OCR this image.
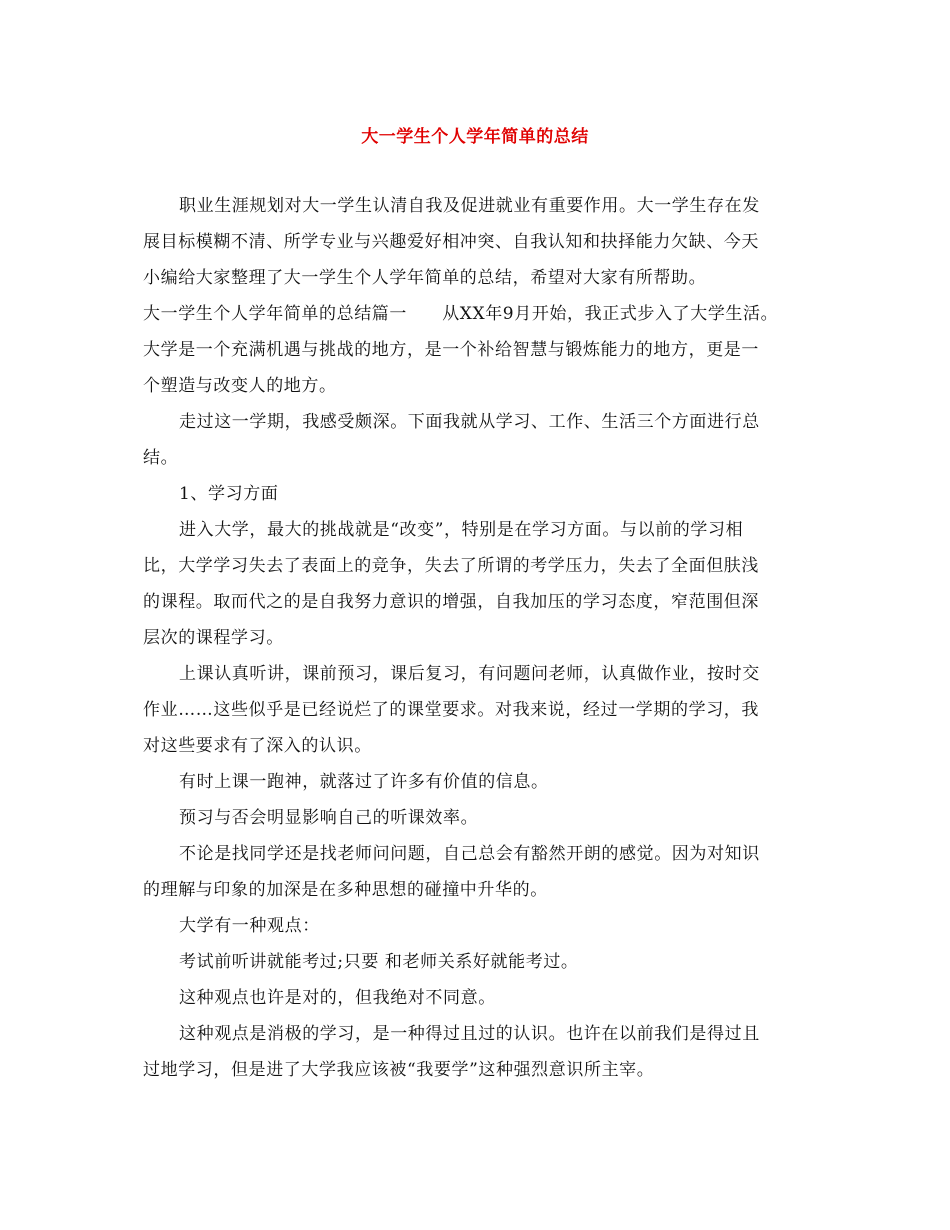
大一学生个人学年简单的总结

职业生涯规划对大一学生认清自我及促进就业有重要作用。大一学生存在发

展目标模糊不清、所学专业与兴趣爱好相冲突、自我认知和抉择能力欠缺、今天

小编给大家整理了大一学生个人学年简单的总结，希望对大家有所帮助。

大一学生个人学年简单的总结篇一　　从XX年9月开始，我正式步入了大学生活。

大学是一个充满机遇与挑战的地方，是一个补给智慧与锻炼能力的地方，更是一

个塑造与改变人的地方。

走过这一学期，我感受颇深。下面我就从学习、工作、生活三个方面进行总

结。

1、学习方面

进入大学，最大的挑战就是“改变”，特别是在学习方面。与以前的学习相

比，大学学习失去了表面上的竞争，失去了所谓的考学压力，失去了全面但肤浅

的课程。取而代之的是自我努力意识的增强，自我加压的学习态度，窄范围但深

层次的课程学习。

上课认真听讲，课前预习，课后复习，有问题问老师，认真做作业，按时交

作业……这些似乎是已经说烂了的课堂要求。对我来说，经过一学期的学习，我

对这些要求有了深入的认识。

有时上课一跑神，就落过了许多有价值的信息。

预习与否会明显影响自己的听课效率。

不论是找同学还是找老师问问题，自己总会有豁然开朗的感觉。因为对知识

的理解与印象的加深是在多种思想的碰撞中升华的。

大学有一种观点：

考试前听讲就能考过;只要 和老师关系好就能考过。

这种观点也许是对的，但我绝对不同意。

这种观点是消极的学习，是一种得过且过的认识。也许在以前我们是得过且

过地学习，但是进了大学我应该被“我要学”这种强烈意识所主宰。
